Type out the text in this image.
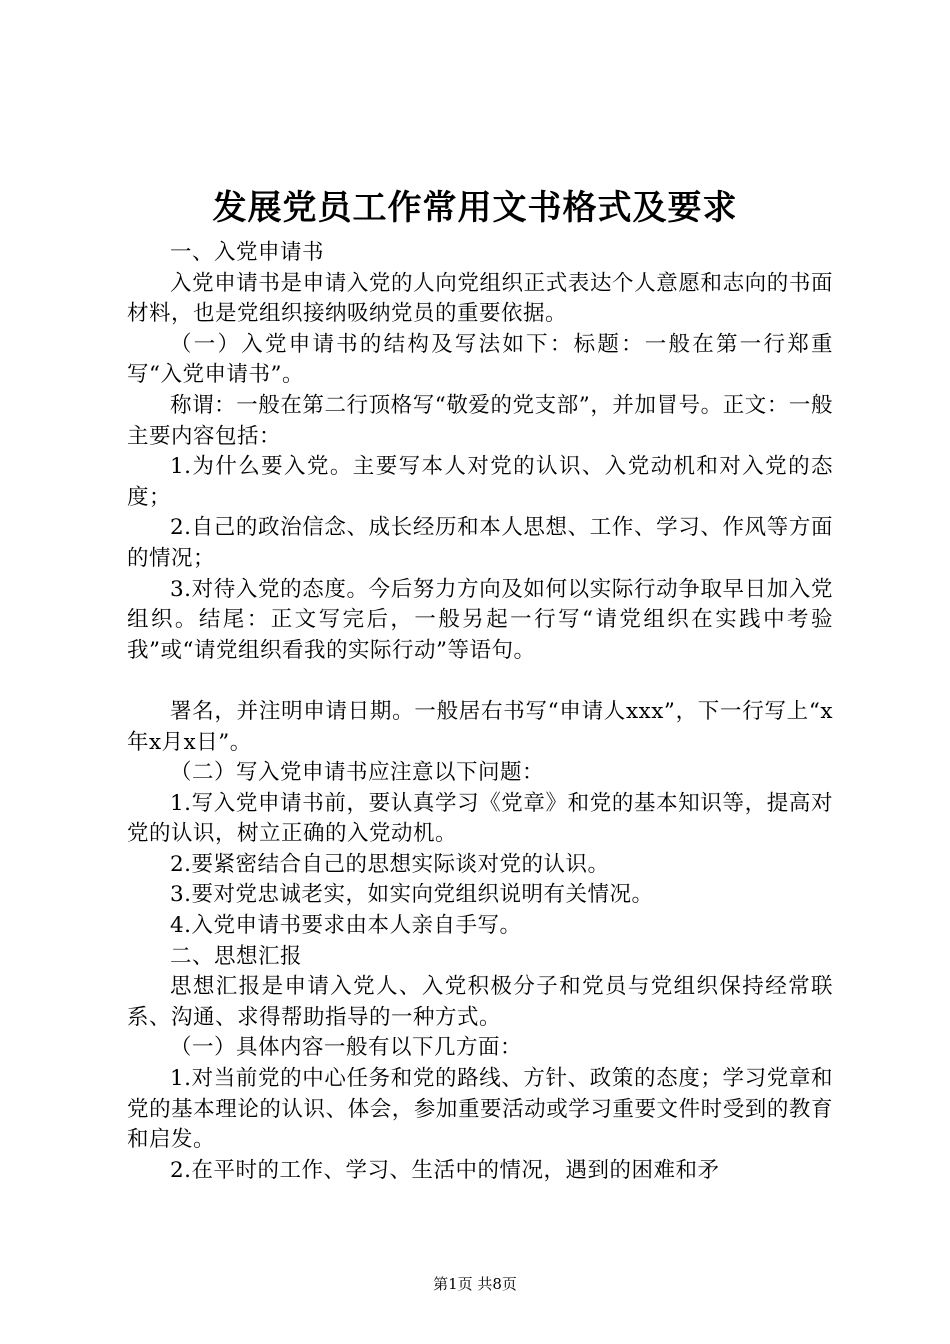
发展党员工作常用文书格式及要求

一、入党申请书

入党申请书是申请入党的人向党组织正式表达个人意愿和志向的书面材料，也是党组织接纳吸纳党员的重要依据。

（一）入党申请书的结构及写法如下：标题：一般在第一行郑重写“入党申请书”。

称谓：一般在第二行顶格写“敬爱的党支部”，并加冒号。正文：一般主要内容包括：

1.为什么要入党。主要写本人对党的认识、入党动机和对入党的态度；

2.自己的政治信念、成长经历和本人思想、工作、学习、作风等方面的情况；

3.对待入党的态度。今后努力方向及如何以实际行动争取早日加入党组织。结尾：正文写完后，一般另起一行写“请党组织在实践中考验我”或“请党组织看我的实际行动”等语句。

署名，并注明申请日期。一般居右书写“申请人xxx”，下一行写上“x年x月x日”。

（二）写入党申请书应注意以下问题：

1.写入党申请书前，要认真学习《党章》和党的基本知识等，提高对党的认识，树立正确的入党动机。

2.要紧密结合自己的思想实际谈对党的认识。

3.要对党忠诚老实，如实向党组织说明有关情况。

4.入党申请书要求由本人亲自手写。

二、思想汇报

思想汇报是申请入党人、入党积极分子和党员与党组织保持经常联系、沟通、求得帮助指导的一种方式。

（一）具体内容一般有以下几方面：

1.对当前党的中心任务和党的路线、方针、政策的态度；学习党章和党的基本理论的认识、体会，参加重要活动或学习重要文件时受到的教育和启发。

2.在平时的工作、学习、生活中的情况，遇到的困难和矛

第1页 共8页
